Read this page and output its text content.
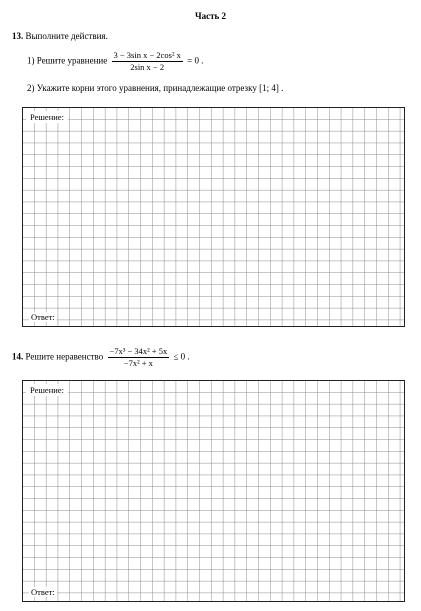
Часть 2
13. Выполните действия.
1) Решите уравнение $\frac{\text{3 − 3sin x − 2cos² x}}{\text{2sin x − 2}} = 0$ .
2) Укажите корни этого уравнения, принадлежащие отрезку [1; 4] .
Решение:
Ответ:
14. Решите неравенство $\frac{\text{−7x³ − 34x² + 5x}}{\text{−7x² + x}} \le 0$ .
Решение:
Ответ:
